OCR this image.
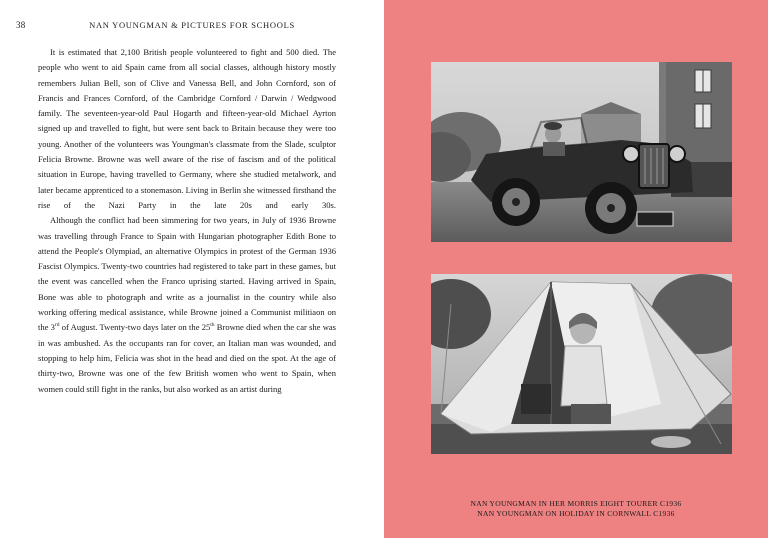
38	NAN YOUNGMAN & PICTURES FOR SCHOOLS

It is estimated that 2,100 British people volunteered to fight and 500 died. The people who went to aid Spain came from all social classes, although history mostly remembers Julian Bell, son of Clive and Vanessa Bell, and John Cornford, son of Francis and Frances Cornford, of the Cambridge Cornford / Darwin / Wedgwood family. The seventeen-year-old Paul Hogarth and fifteen-year-old Michael Ayrton signed up and travelled to fight, but were sent back to Britain because they were too young. Another of the volunteers was Youngman's classmate from the Slade, sculptor Felicia Browne. Browne was well aware of the rise of fascism and of the political situation in Europe, having travelled to Germany, where she studied metalwork, and later became apprenticed to a stonemason. Living in Berlin she witnessed firsthand the rise of the Nazi Party in the late 20s and early 30s.

Although the conflict had been simmering for two years, in July of 1936 Browne was travelling through France to Spain with Hungarian photographer Edith Bone to attend the People's Olympiad, an alternative Olympics in protest of the German 1936 Fascist Olympics. Twenty-two countries had registered to take part in these games, but the event was cancelled when the Franco uprising started. Having arrived in Spain, Bone was able to photograph and write as a journalist in the country while also working offering medical assistance, while Browne joined a Communist militiaon on the 3rd of August. Twenty-two days later on the 25th Browne died when the car she was in was ambushed. As the occupants ran for cover, an Italian man was wounded, and stopping to help him, Felicia was shot in the head and died on the spot. At the age of thirty-two, Browne was one of the few British women who went to Spain, when women could still fight in the ranks, but also worked as an artist during

NAN YOUNGMAN IN HER MORRIS EIGHT TOURER C1936
NAN YOUNGMAN ON HOLIDAY IN CORNWALL C1936
